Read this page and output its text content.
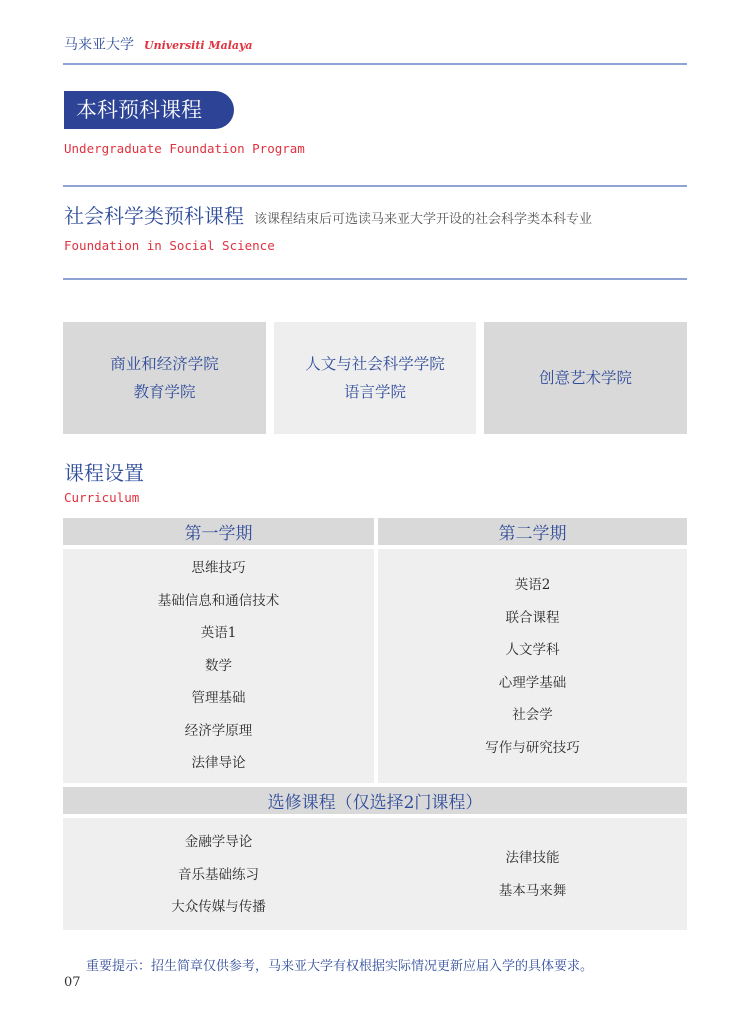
马来亚大学 Universiti Malaya
本科预科课程
Undergraduate Foundation Program
社会科学类预科课程 该课程结束后可选读马来亚大学开设的社会科学类本科专业
Foundation in Social Science
商业和经济学院
教育学院
人文与社会科学学院
语言学院
创意艺术学院
课程设置
Curriculum
第一学期	第二学期
思维技巧
基础信息和通信技术
英语1
数学
管理基础
经济学原理
法律导论
英语2
联合课程
人文学科
心理学基础
社会学
写作与研究技巧
选修课程（仅选择2门课程）
金融学导论
音乐基础练习
大众传媒与传播
法律技能
基本马来舞
重要提示：招生简章仅供参考，马来亚大学有权根据实际情况更新应届入学的具体要求。
07
